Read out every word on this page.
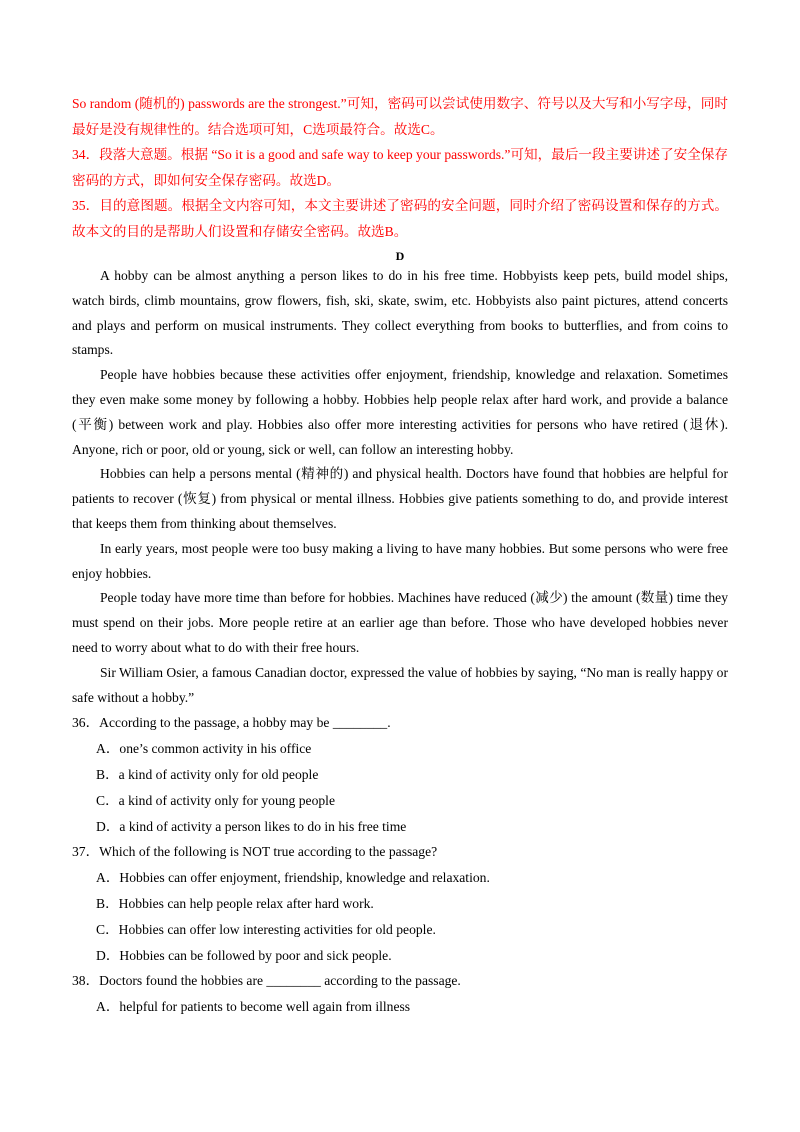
So random (随机的) passwords are the strongest.”可知，密码可以尝试使用数字、符号以及大写和小写字母，同时最好是没有规律性的。结合选项可知，C选项最符合。故选C。

34．段落大意题。根据 “So it is a good and safe way to keep your passwords.”可知，最后一段主要讲述了安全保存密码的方式，即如何安全保存密码。故选D。

35．目的意图题。根据全文内容可知，本文主要讲述了密码的安全问题，同时介绍了密码设置和保存的方式。故本文的目的是帮助人们设置和存储安全密码。故选B。

D

A hobby can be almost anything a person likes to do in his free time. Hobbyists keep pets, build model ships, watch birds, climb mountains, grow flowers, fish, ski, skate, swim, etc. Hobbyists also paint pictures, attend concerts and plays and perform on musical instruments. They collect everything from books to butterflies, and from coins to stamps.

People have hobbies because these activities offer enjoyment, friendship, knowledge and relaxation. Sometimes they even make some money by following a hobby. Hobbies help people relax after hard work, and provide a balance (平衡) between work and play. Hobbies also offer more interesting activities for persons who have retired (退休). Anyone, rich or poor, old or young, sick or well, can follow an interesting hobby.

Hobbies can help a persons mental (精神的) and physical health. Doctors have found that hobbies are helpful for patients to recover (恢复) from physical or mental illness. Hobbies give patients something to do, and provide interest that keeps them from thinking about themselves.

In early years, most people were too busy making a living to have many hobbies. But some persons who were free enjoy hobbies.

People today have more time than before for hobbies. Machines have reduced (减少) the amount (数量) time they must spend on their jobs. More people retire at an earlier age than before. Those who have developed hobbies never need to worry about what to do with their free hours.

Sir William Osier, a famous Canadian doctor, expressed the value of hobbies by saying, “No man is really happy or safe without a hobby.”

36．According to the passage, a hobby may be ________.

A．one’s common activity in his office

B．a kind of activity only for old people

C．a kind of activity only for young people

D．a kind of activity a person likes to do in his free time

37．Which of the following is NOT true according to the passage?

A．Hobbies can offer enjoyment, friendship, knowledge and relaxation.

B．Hobbies can help people relax after hard work.

C．Hobbies can offer low interesting activities for old people.

D．Hobbies can be followed by poor and sick people.

38．Doctors found the hobbies are ________ according to the passage.

A．helpful for patients to become well again from illness
